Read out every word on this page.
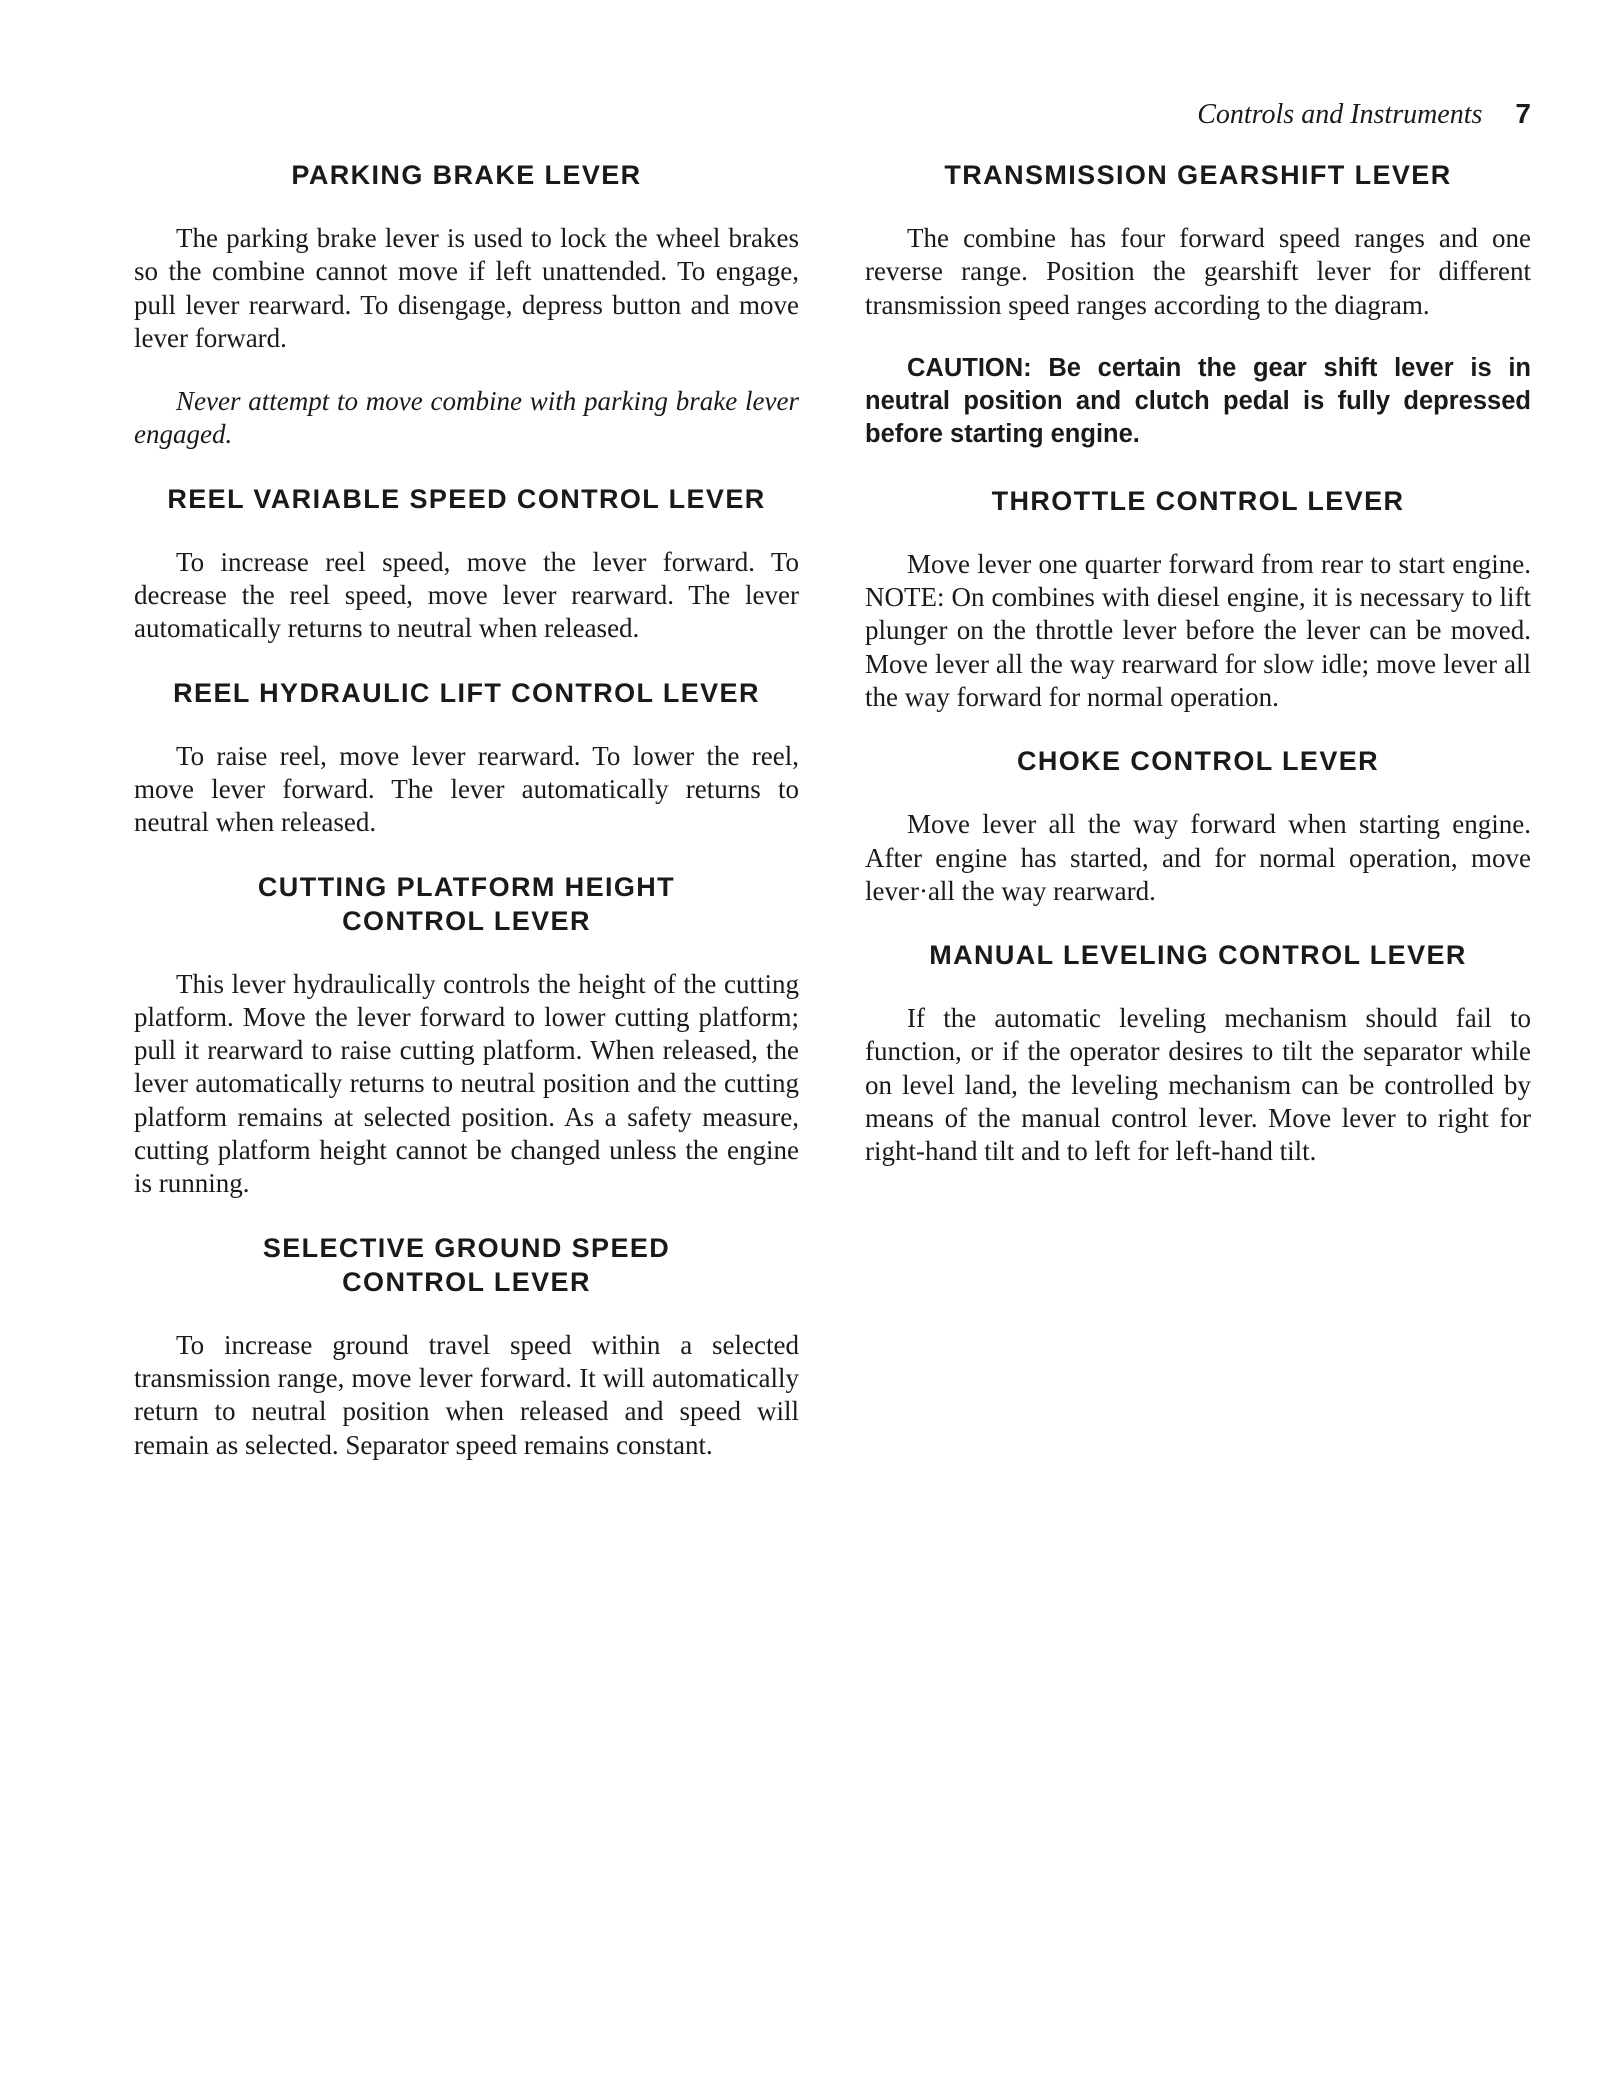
Controls and Instruments 7
PARKING BRAKE LEVER

The parking brake lever is used to lock the wheel brakes so the combine cannot move if left unattended. To engage, pull lever rearward. To disengage, depress button and move lever forward.

Never attempt to move combine with parking brake lever engaged.

REEL VARIABLE SPEED CONTROL LEVER

To increase reel speed, move the lever forward. To decrease the reel speed, move lever rearward. The lever automatically returns to neutral when released.

REEL HYDRAULIC LIFT CONTROL LEVER

To raise reel, move lever rearward. To lower the reel, move lever forward. The lever automatically returns to neutral when released.

CUTTING PLATFORM HEIGHT CONTROL LEVER

This lever hydraulically controls the height of the cutting platform. Move the lever forward to lower cutting platform; pull it rearward to raise cutting platform. When released, the lever automatically returns to neutral position and the cutting platform remains at selected position. As a safety measure, cutting platform height cannot be changed unless the engine is running.

SELECTIVE GROUND SPEED CONTROL LEVER

To increase ground travel speed within a selected transmission range, move lever forward. It will automatically return to neutral position when released and speed will remain as selected. Separator speed remains constant.

TRANSMISSION GEARSHIFT LEVER

The combine has four forward speed ranges and one reverse range. Position the gearshift lever for different transmission speed ranges according to the diagram.

CAUTION: Be certain the gear shift lever is in neutral position and clutch pedal is fully depressed before starting engine.

THROTTLE CONTROL LEVER

Move lever one quarter forward from rear to start engine. NOTE: On combines with diesel engine, it is necessary to lift plunger on the throttle lever before the lever can be moved. Move lever all the way rearward for slow idle; move lever all the way forward for normal operation.

CHOKE CONTROL LEVER

Move lever all the way forward when starting engine. After engine has started, and for normal operation, move lever·all the way rearward.

MANUAL LEVELING CONTROL LEVER

If the automatic leveling mechanism should fail to function, or if the operator desires to tilt the separator while on level land, the leveling mechanism can be controlled by means of the manual control lever. Move lever to right for right-hand tilt and to left for left-hand tilt.
